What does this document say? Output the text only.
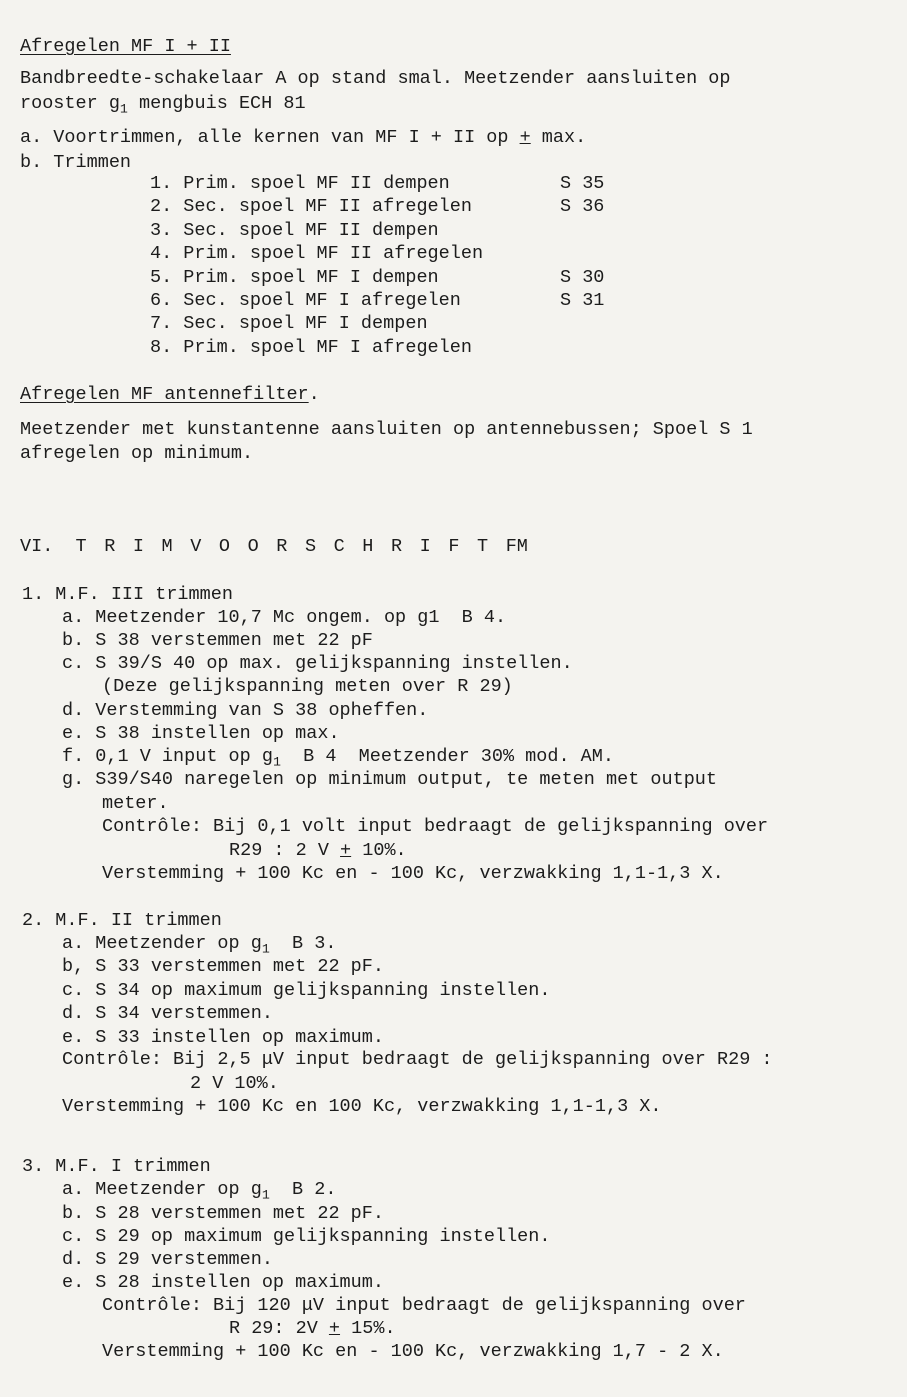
Afregelen MF I + II
Bandbreedte-schakelaar A op stand smal. Meetzender aansluiten op
rooster $g_1$ mengbuis ECH 81
a. Voortrimmen, alle kernen van MF I + II op + max.
b. Trimmen
1. Prim. spoel MF II dempen	S 35
2. Sec. spoel MF II afregelen	S 36
3. Sec. spoel MF II dempen
4. Prim. spoel MF II afregelen
5. Prim. spoel MF I dempen	S 30
6. Sec. spoel MF I afregelen	S 31
7. Sec. spoel MF I dempen
8. Prim. spoel MF I afregelen
Afregelen MF antennefilter.
Meetzender met kunstantenne aansluiten op antennebussen; Spoel S 1
afregelen op minimum.
VI. TRIMVOORSCHRIFTFM
1. M.F. III trimmen
a. Meetzender 10,7 Mc ongem. op g1  B 4.
b. S 38 verstemmen met 22 pF
c. S 39/S 40 op max. gelijkspanning instellen.
(Deze gelijkspanning meten over R 29)
d. Verstemming van S 38 opheffen.
e. S 38 instellen op max.
f. 0,1 V input op $g_1$  B 4  Meetzender 30% mod. AM.
g. S39/S40 naregelen op minimum output, te meten met output
meter.
Contrôle: Bij 0,1 volt input bedraagt de gelijkspanning over
R29 : 2 V + 10%.
Verstemming + 100 Kc en - 100 Kc, verzwakking 1,1-1,3 X.
2. M.F. II trimmen
a. Meetzender op $g_1$  B 3.
b, S 33 verstemmen met 22 pF.
c. S 34 op maximum gelijkspanning instellen.
d. S 34 verstemmen.
e. S 33 instellen op maximum.
Contrôle: Bij 2,5 μV input bedraagt de gelijkspanning over R29 :
2 V 10%.
Verstemming + 100 Kc en 100 Kc, verzwakking 1,1-1,3 X.
3. M.F. I trimmen
a. Meetzender op $g_1$  B 2.
b. S 28 verstemmen met 22 pF.
c. S 29 op maximum gelijkspanning instellen.
d. S 29 verstemmen.
e. S 28 instellen op maximum.
Contrôle: Bij 120 μV input bedraagt de gelijkspanning over
R 29: 2V + 15%.
Verstemming + 100 Kc en - 100 Kc, verzwakking 1,7 - 2 X.
